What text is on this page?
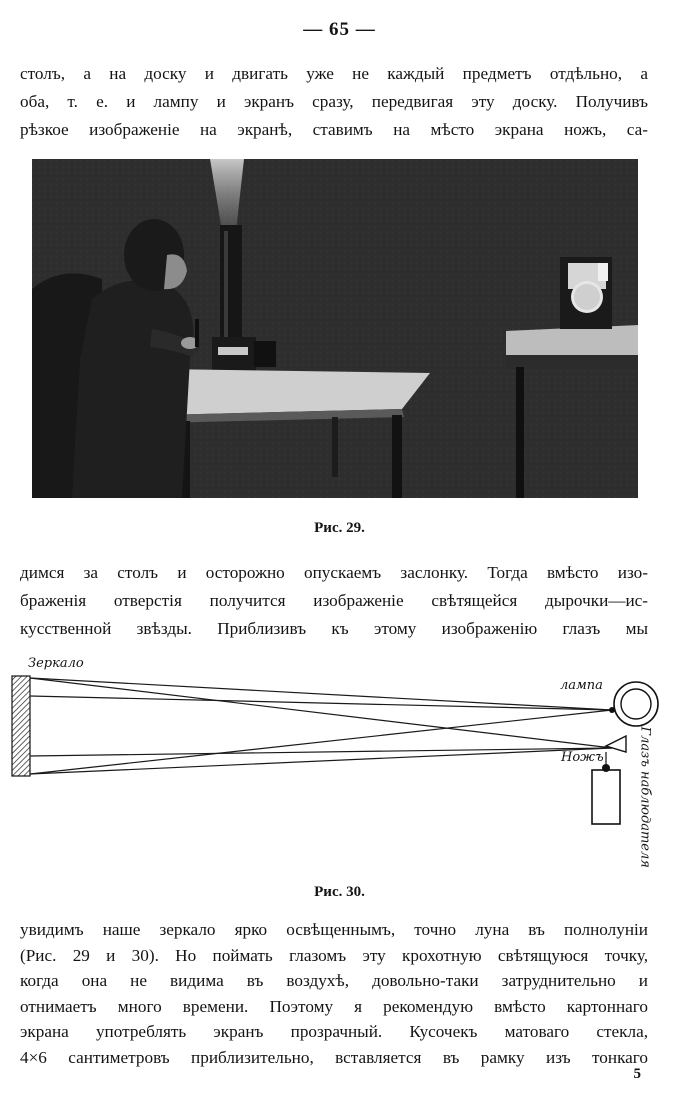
— 65 —
столъ, а на доску и двигать уже не каждый предметъ отдѣльно, а
оба, т. е. и лампу и экранъ сразу, передвигая эту доску. Получивъ
рѣзкое изображеніе на экранѣ, ставимъ на мѣсто экрана ножъ, са-
Рис. 29.
димся за столъ и осторожно опускаемъ заслонку. Тогда вмѣсто изо-
браженія отверстія получится изображеніе свѣтящейся дырочки—ис-
кусственной звѣзды. Приблизивъ къ этому изображенію глазъ мы
Зеркало
лампа
Ножъ	Глазъ наблюдателя
Рис. 30.
увидимъ наше зеркало ярко освѣщеннымъ, точно луна въ полнолуніи
(Рис. 29 и 30). Но поймать глазомъ эту крохотную свѣтящуюся точку,
когда она не видима въ воздухѣ, довольно-таки затруднительно и
отнимаетъ много времени. Поэтому я рекомендую вмѣсто картоннаго
экрана употреблять экранъ прозрачный. Кусочекъ матоваго стекла,
4×6 сантиметровъ приблизительно, вставляется въ рамку изъ тонкаго
5
